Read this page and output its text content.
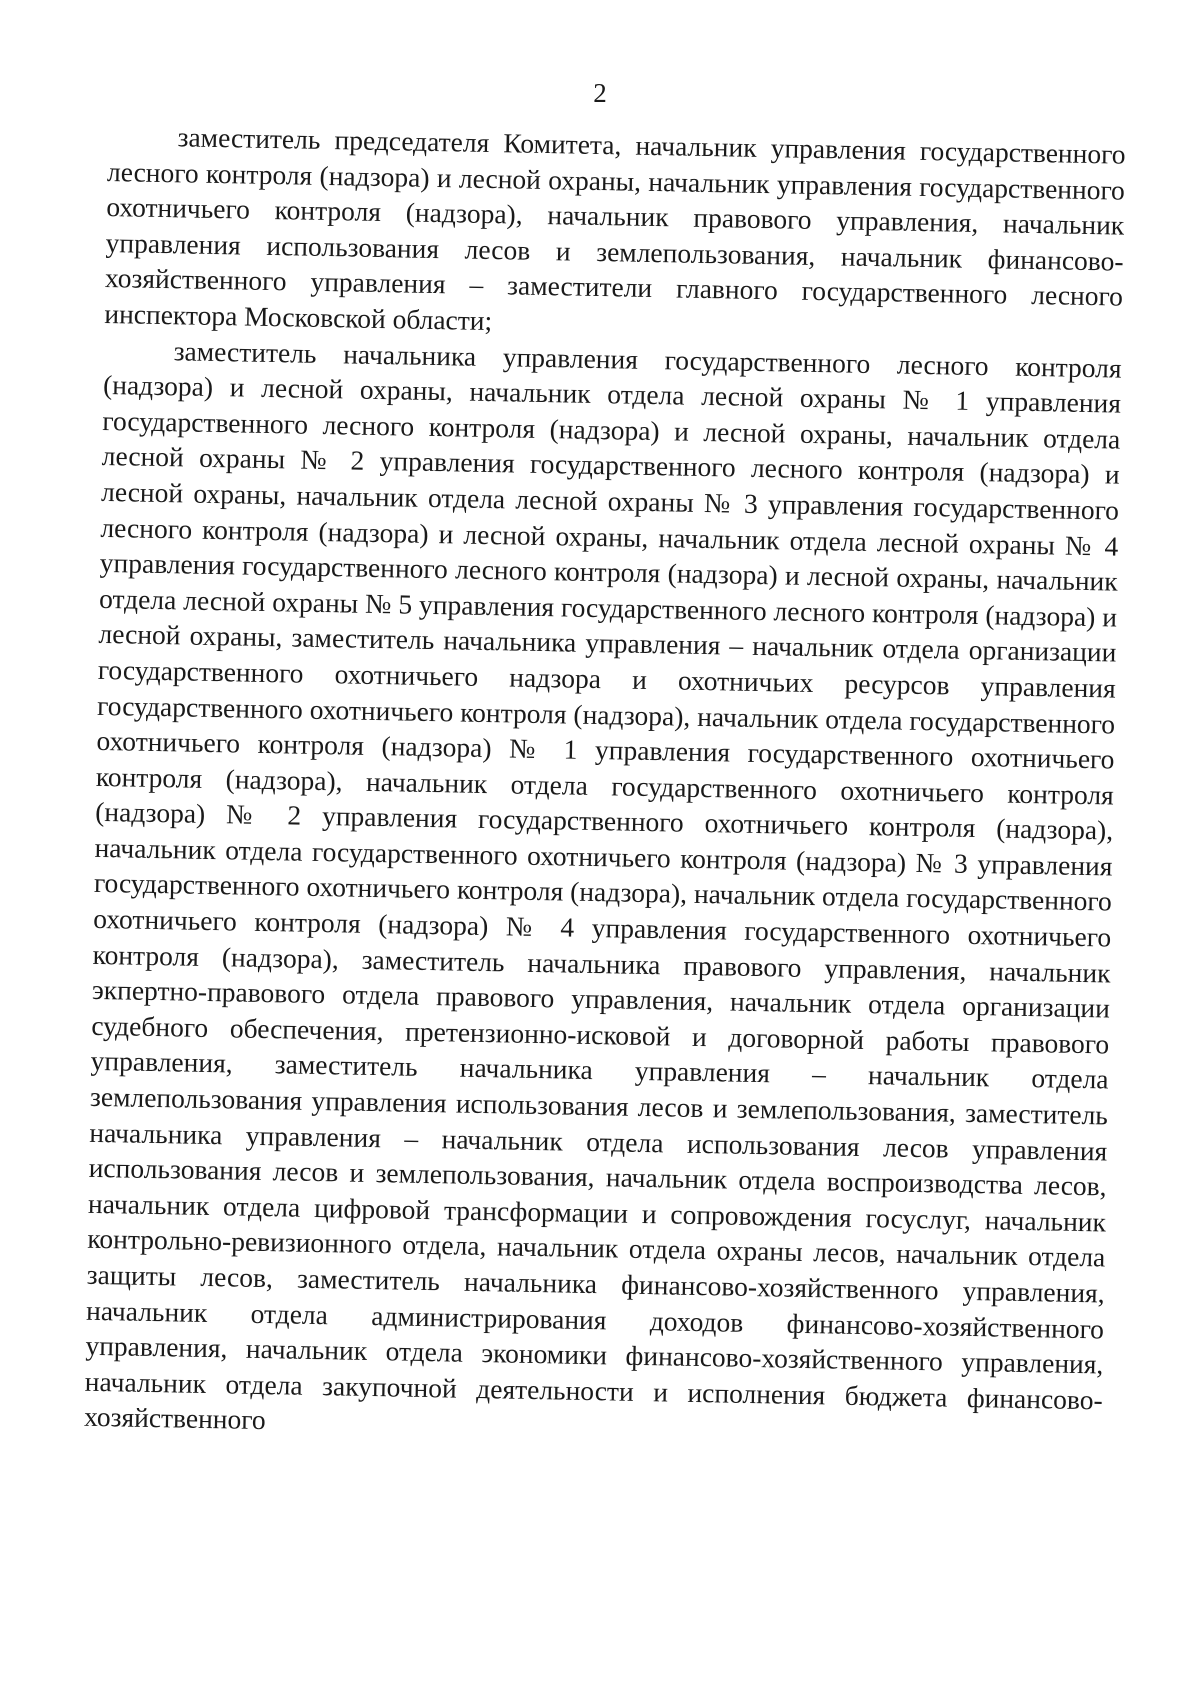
2

заместитель председателя Комитета, начальник управления государственного лесного контроля (надзора) и лесной охраны, начальник управления государственного охотничьего контроля (надзора), начальник правового управления, начальник управления использования лесов и землепользования, начальник финансово-хозяйственного управления – заместители главного государственного лесного инспектора Московской области;

заместитель начальника управления государственного лесного контроля (надзора) и лесной охраны, начальник отдела лесной охраны № 1 управления государственного лесного контроля (надзора) и лесной охраны, начальник отдела лесной охраны № 2 управления государственного лесного контроля (надзора) и лесной охраны, начальник отдела лесной охраны № 3 управления государственного лесного контроля (надзора) и лесной охраны, начальник отдела лесной охраны № 4 управления государственного лесного контроля (надзора) и лесной охраны, начальник отдела лесной охраны № 5 управления государственного лесного контроля (надзора) и лесной охраны, заместитель начальника управления – начальник отдела организации государственного охотничьего надзора и охотничьих ресурсов управления государственного охотничьего контроля (надзора), начальник отдела государственного охотничьего контроля (надзора) № 1 управления государственного охотничьего контроля (надзора), начальник отдела государственного охотничьего контроля (надзора) № 2 управления государственного охотничьего контроля (надзора), начальник отдела государственного охотничьего контроля (надзора) № 3 управления государственного охотничьего контроля (надзора), начальник отдела государственного охотничьего контроля (надзора) № 4 управления государственного охотничьего контроля (надзора), заместитель начальника правового управления, начальник экпертно-правового отдела правового управления, начальник отдела организации судебного обеспечения, претензионно-исковой и договорной работы правового управления, заместитель начальника управления – начальник отдела землепользования управления использования лесов и землепользования, заместитель начальника управления – начальник отдела использования лесов управления использования лесов и землепользования, начальник отдела воспроизводства лесов, начальник отдела цифровой трансформации и сопровождения госуслуг, начальник контрольно-ревизионного отдела, начальник отдела охраны лесов, начальник отдела защиты лесов, заместитель начальника финансово-хозяйственного управления, начальник отдела администрирования доходов финансово-хозяйственного управления, начальник отдела экономики финансово-хозяйственного управления, начальник отдела закупочной деятельности и исполнения бюджета финансово-хозяйственного
